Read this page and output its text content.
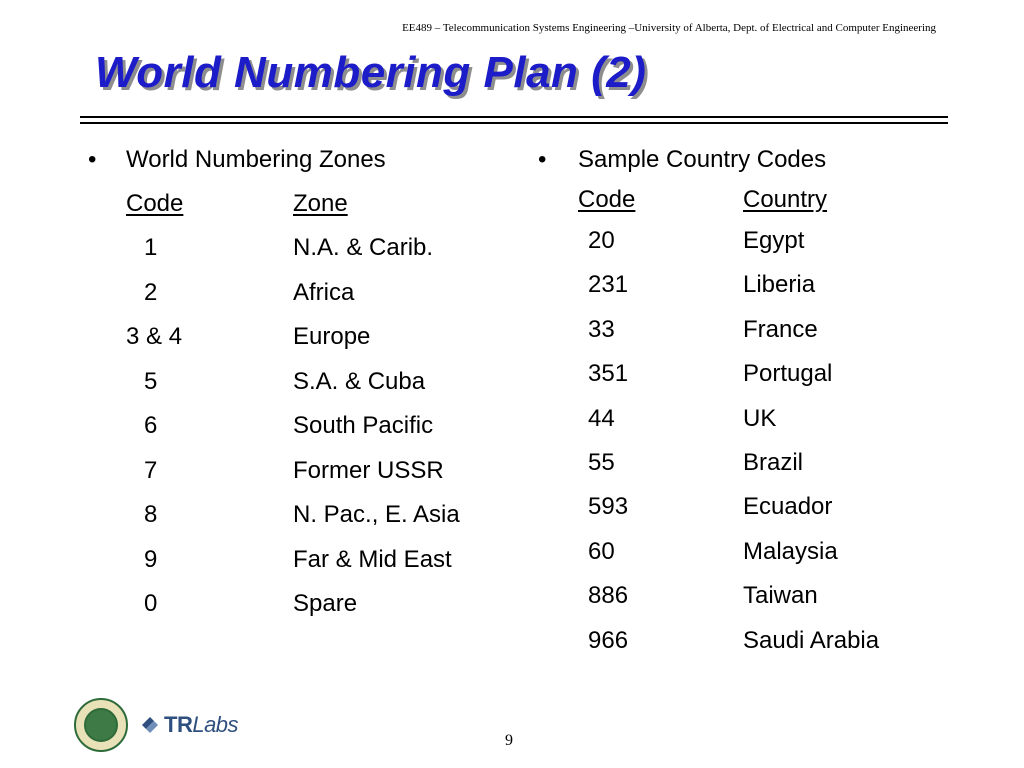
EE489 – Telecommunication Systems Engineering –University of Alberta, Dept. of Electrical and Computer Engineering
World Numbering Plan (2)
•	World Numbering Zones
Code	Zone
1	N.A. & Carib.
2	Africa
3 & 4	Europe
5	S.A. & Cuba
6	South Pacific
7	Former USSR
8	N. Pac., E. Asia
9	Far & Mid East
0	Spare
•	Sample Country Codes
Code	Country
20	Egypt
231	Liberia
33	France
351	Portugal
44	UK
55	Brazil
593	Ecuador
60	Malaysia
886	Taiwan
966	Saudi Arabia
TRLabs
9
